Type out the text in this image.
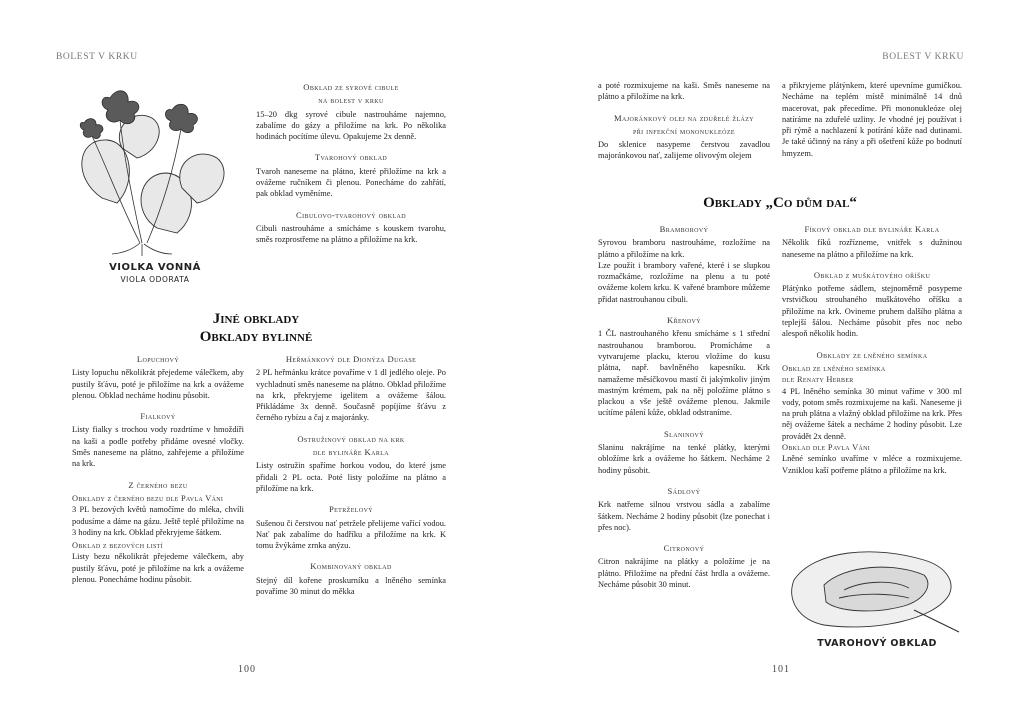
BOLEST V KRKU
VIOLKA VONNÁ
VIOLA ODORATA
Obklad ze syrové cibule
na bolest v krku

15–20 dkg syrové cibule nastrouháme najemno, zabalíme do gázy a přiložíme na krk. Po několika hodinách pocítíme úlevu. Opakujeme 2x denně.

Tvarohový obklad

Tvaroh naneseme na plátno, které přiložíme na krk a ovážeme ručníkem či plenou. Ponecháme do zahřátí, pak obklad vyměníme.

Cibulovo-tvarohový obklad

Cibuli nastrouháme a smícháme s kouskem tvarohu, směs rozprostřeme na plátno a přiložíme na krk.

Jiné obklady
Obklady bylinné
Lopuchový

Listy lopuchu několikrát přejedeme válečkem, aby pustily šťávu, poté je přiložíme na krk a ovážeme plenou. Obklad necháme hodinu působit.

Fialkový

Listy fialky s trochou vody rozdrtíme v hmoždíři na kaši a podle potřeby přidáme ovesné vločky. Směs naneseme na plátno, zahřejeme a přiložíme na krk.

Z černého bezu
Obklady z černého bezu dle Pavla Váni

3 PL bezových květů namočíme do mléka, chvíli podusíme a dáme na gázu. Ještě teplé přiložíme na 3 hodiny na krk. Obklad překryjeme šátkem.

Obklad z bezových listí

Listy bezu několikrát přejedeme válečkem, aby pustily šťávu, poté je přiložíme na krk a ovážeme plenou. Ponecháme hodinu působit.

Heřmánkový dle Dionýza Dugase

2 PL heřmánku krátce povaříme v 1 dl jedlého oleje. Po vychladnutí směs naneseme na plátno. Obklad přiložíme na krk, překryjeme igelitem a ovážeme šálou. Přikládáme 3x denně. Současně popíjíme šťávu z černého rybízu a čaj z majoránky.

Ostružinový obklad na krk
dle bylináře Karla

Listy ostružin spaříme horkou vodou, do které jsme přidali 2 PL octa. Poté listy položíme na plátno a přiložíme na krk.

Petrželový

Sušenou či čerstvou nať petržele přelijeme vařící vodou. Nať pak zabalíme do hadříku a přiložíme na krk. K tomu žvýkáme zrnka anýzu.

Kombinovaný obklad

Stejný díl kořene proskurníku a lněného semínka povaříme 30 minut do měkka

100
BOLEST V KRKU

a poté rozmixujeme na kaši. Směs naneseme na plátno a přiložíme na krk.

Majoránkový olej na zduřelé žlázy
při infekční mononukleóze

Do sklenice nasypeme čerstvou zavadlou majoránkovou nať, zalijeme olivovým olejem

a přikryjeme plátýnkem, které upevníme gumičkou. Necháme na teplém místě minimálně 14 dnů macerovat, pak přecedíme. Při mononukleóze olej natíráme na zduřelé uzliny. Je vhodné jej používat i při rýmě a nachlazení k potírání kůže nad dutinami. Je také účinný na rány a při ošetření kůže po bodnutí hmyzem.

Obklady „Co dům dal“
Bramborový

Syrovou bramboru nastrouháme, rozložíme na plátno a přiložíme na krk.

Lze použít i brambory vařené, které i se slupkou rozmačkáme, rozložíme na plenu a tu poté ovážeme kolem krku. K vařené brambore můžeme přidat nastrouhanou cibuli.

Křenový

1 ČL nastrouhaného křenu smícháme s 1 střední nastrouhanou bramborou. Promícháme a vytvarujeme placku, kterou vložíme do kusu plátna, např. bavlněného kapesníku. Krk namažeme měsíčkovou mastí či jakýmkoliv jiným mastným krémem, pak na něj položíme plátno s plackou a vše ještě ovážeme plenou. Jakmile ucítíme pálení kůže, obklad odstraníme.

Slaninový

Slaninu nakrájíme na tenké plátky, kterými obložíme krk a ovážeme ho šátkem. Necháme 2 hodiny působit.

Sádlový

Krk natřeme silnou vrstvou sádla a zabalíme šátkem. Necháme 2 hodiny působit (lze ponechat i přes noc).

Citronový

Citron nakrájíme na plátky a položíme je na plátno. Přiložíme na přední část hrdla a ovážeme. Necháme působit 30 minut.

Fíkový obklad dle bylináře Karla

Několik fíků rozřízneme, vnitřek s dužninou naneseme na plátno a přiložíme na krk.

Obklad z muškátového oříšku

Plátýnko potřeme sádlem, stejnoměrně posypeme vrstvičkou strouhaného muškátového oříšku a přiložíme na krk. Ovineme pruhem dalšího plátna a teplejší šálou. Necháme působit přes noc nebo alespoň několik hodin.

Obklady ze lněného semínka
Obklad ze lněného semínka
dle Renaty Herber

4 PL lněného semínka 30 minut vaříme v 300 ml vody, potom směs rozmixujeme na kaši. Naneseme ji na pruh plátna a vlažný obklad přiložíme na krk. Přes něj ovážeme šátek a necháme 2 hodiny působit. Lze provádět 2x denně.

Obklad dle Pavla Váni

Lněné semínko uvaříme v mléce a rozmixujeme. Vzniklou kaší potřeme plátno a přiložíme na krk.

TVAROHOVÝ OBKLAD
101
